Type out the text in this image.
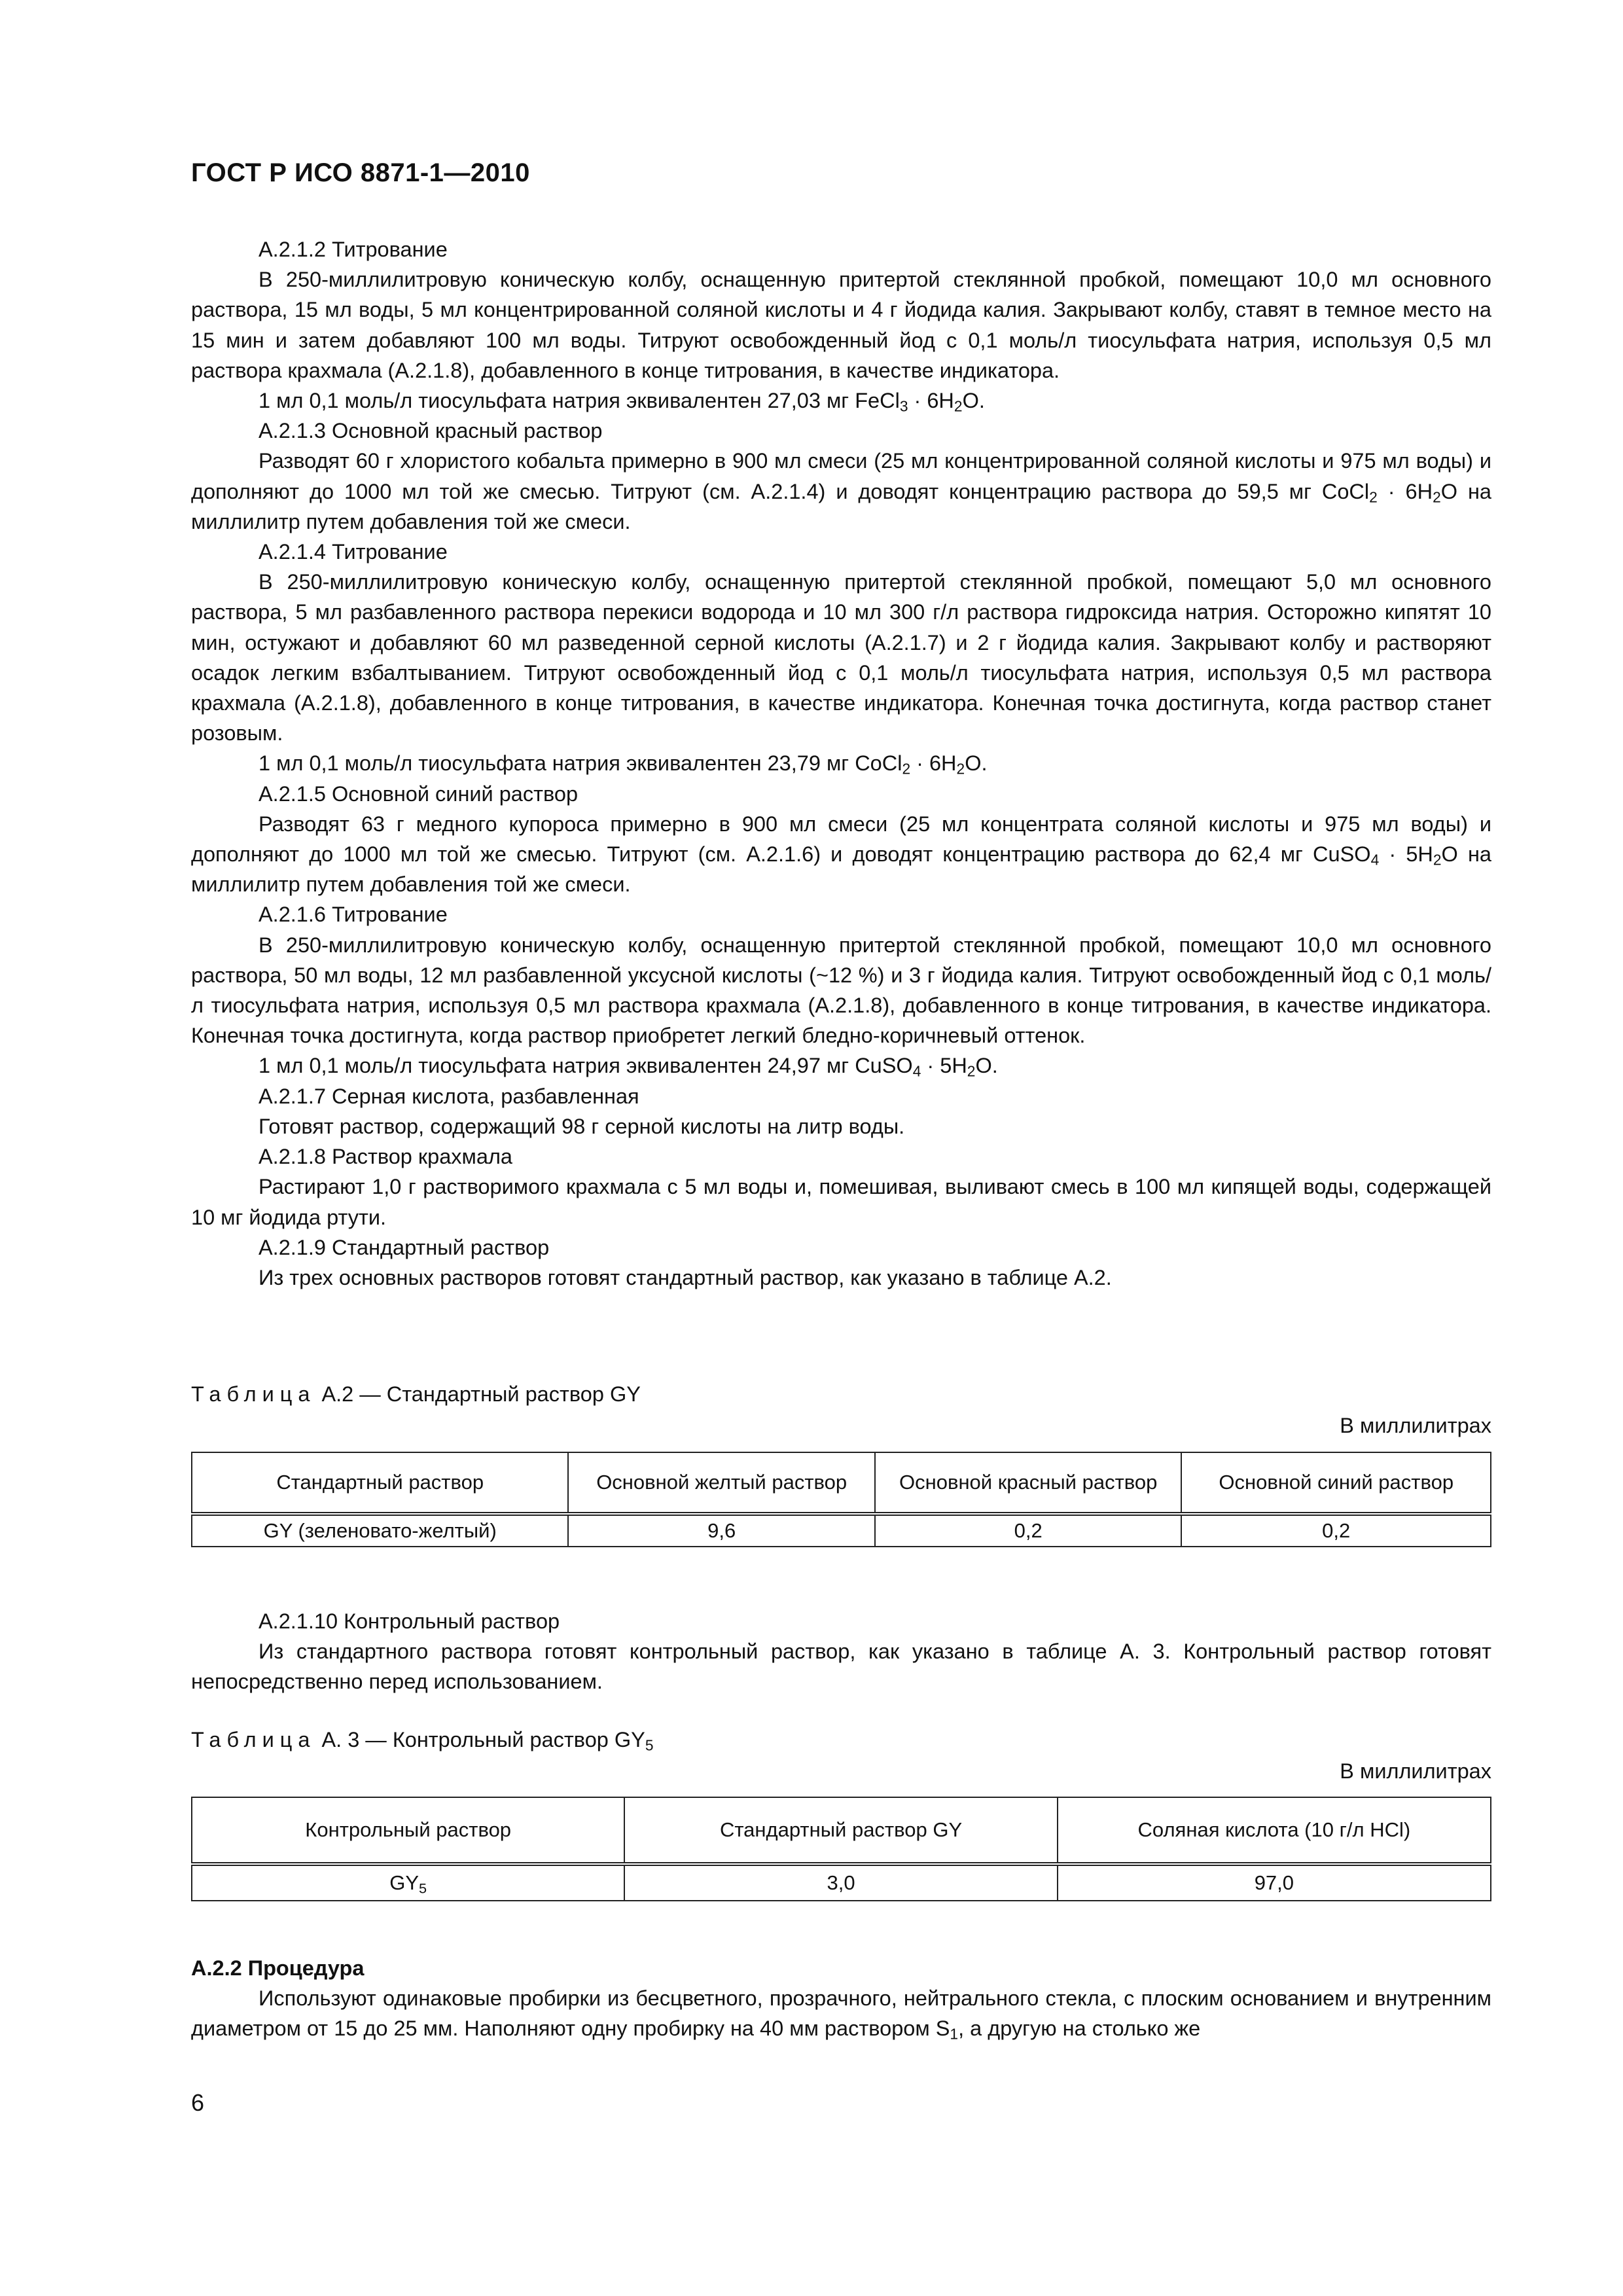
ГОСТ Р ИСО 8871-1—2010

А.2.1.2 Титрование

В 250-миллилитровую коническую колбу, оснащенную притертой стеклянной пробкой, помещают 10,0 мл основного раствора, 15 мл воды, 5 мл концентрированной соляной кислоты и 4 г йодида калия. Закрывают колбу, ставят в темное место на 15 мин и затем добавляют 100 мл воды. Титруют освобожденный йод с 0,1 моль/л тиосульфата натрия, используя 0,5 мл раствора крахмала (А.2.1.8), добавленного в конце титрования, в качестве индикатора.

1 мл 0,1 моль/л тиосульфата натрия эквивалентен 27,03 мг FeCl$_3$ · $6H_2O$.

А.2.1.3 Основной красный раствор

Разводят 60 г хлористого кобальта примерно в 900 мл смеси (25 мл концентрированной соляной кислоты и 975 мл воды) и дополняют до 1000 мл той же смесью. Титруют (см. А.2.1.4) и доводят концентрацию раствора до 59,5 мг CoCl$_2$ · $6H_2O$ на миллилитр путем добавления той же смеси.

А.2.1.4 Титрование

В 250-миллилитровую коническую колбу, оснащенную притертой стеклянной пробкой, помещают 5,0 мл основного раствора, 5 мл разбавленного раствора перекиси водорода и 10 мл 300 г/л раствора гидроксида натрия. Осторожно кипятят 10 мин, остужают и добавляют 60 мл разведенной серной кислоты (А.2.1.7) и 2 г йодида калия. Закрывают колбу и растворяют осадок легким взбалтыванием. Титруют освобожденный йод с 0,1 моль/л тиосульфата натрия, используя 0,5 мл раствора крахмала (А.2.1.8), добавленного в конце титрования, в качестве индикатора. Конечная точка достигнута, когда раствор станет розовым.

1 мл 0,1 моль/л тиосульфата натрия эквивалентен 23,79 мг CoCl$_2$ · $6H_2O$.

А.2.1.5 Основной синий раствор

Разводят 63 г медного купороса примерно в 900 мл смеси (25 мл концентрата соляной кислоты и 975 мл воды) и дополняют до 1000 мл той же смесью. Титруют (см. А.2.1.6) и доводят концентрацию раствора до 62,4 мг CuSO$_4$ · $5H_2O$ на миллилитр путем добавления той же смеси.

А.2.1.6 Титрование

В 250-миллилитровую коническую колбу, оснащенную притертой стеклянной пробкой, помещают 10,0 мл основного раствора, 50 мл воды, 12 мл разбавленной уксусной кислоты (~12 %) и 3 г йодида калия. Титруют освобожденный йод с 0,1 моль/л тиосульфата натрия, используя 0,5 мл раствора крахмала (А.2.1.8), добавленного в конце титрования, в качестве индикатора. Конечная точка достигнута, когда раствор приобретет легкий бледно-коричневый оттенок.

1 мл 0,1 моль/л тиосульфата натрия эквивалентен 24,97 мг CuSO$_4$ · $5H_2O$.

А.2.1.7 Серная кислота, разбавленная

Готовят раствор, содержащий 98 г серной кислоты на литр воды.

А.2.1.8 Раствор крахмала

Растирают 1,0 г растворимого крахмала с 5 мл воды и, помешивая, выливают смесь в 100 мл кипящей воды, содержащей 10 мг йодида ртути.

А.2.1.9 Стандартный раствор

Из трех основных растворов готовят стандартный раствор, как указано в таблице А.2.

Таблица А.2 — Стандартный раствор GY
В миллилитрах
Стандартный раствор	Основной желтый раствор	Основной красный раствор	Основной синий раствор
GY (зеленовато-желтый)	9,6	0,2	0,2

А.2.1.10 Контрольный раствор

Из стандартного раствора готовят контрольный раствор, как указано в таблице А. 3. Контрольный раствор готовят непосредственно перед использованием.

Таблица А. 3 — Контрольный раствор $GY_5$
В миллилитрах
Контрольный раствор	Стандартный раствор GY	Соляная кислота (10 г/л HCl)
$GY_5$	3,0	97,0

А.2.2 Процедура

Используют одинаковые пробирки из бесцветного, прозрачного, нейтрального стекла, с плоским основанием и внутренним диаметром от 15 до 25 мм. Наполняют одну пробирку на 40 мм раствором $S_1$, а другую на столько же

6
